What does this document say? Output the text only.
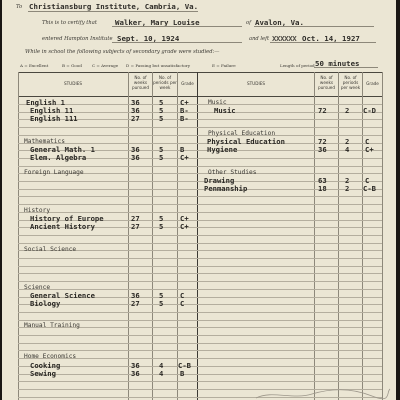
To Christiansburg Institute, Cambria, Va.
This is to certify that Walker, Mary Louise	of Avalon, Va.
entered Hampton Institute Sept. 10, 1924	and left XXXXXX Oct. 14, 1927
While in school the following subjects of secondary grade were studied:—
A = Excellent	B = Good C = Average D = Passing but unsatisfactory	E = Failure	Length of period 50 minutes
STUDIES
No. of weeks pursued
No. of periods per week
Grade	STUDIES
No. of weeks pursued
No. of periods per week
Grade
English 1	36	5 C+
English 11	36	5 B-
English 111	27	5 B-
Mathematics
General Math. 1	36	5 B
Elem. Algebra	36	5 C+
Foreign Language
History
History of Europe	27	5 C+
Ancient History	27	5 C+
Social Science
Science
General Science	36	5 C
Biology	27	5 C
Manual Training
Home Economics
Cooking	36	4 C-B
Sewing	36	4 B
Music
Music	72	2 C-D
Physical Education
Physical Education	72	2 C
Hygiene	36	4 C+
Other Studies
Drawing	63	2 C
Penmanship	18	2 C-B
